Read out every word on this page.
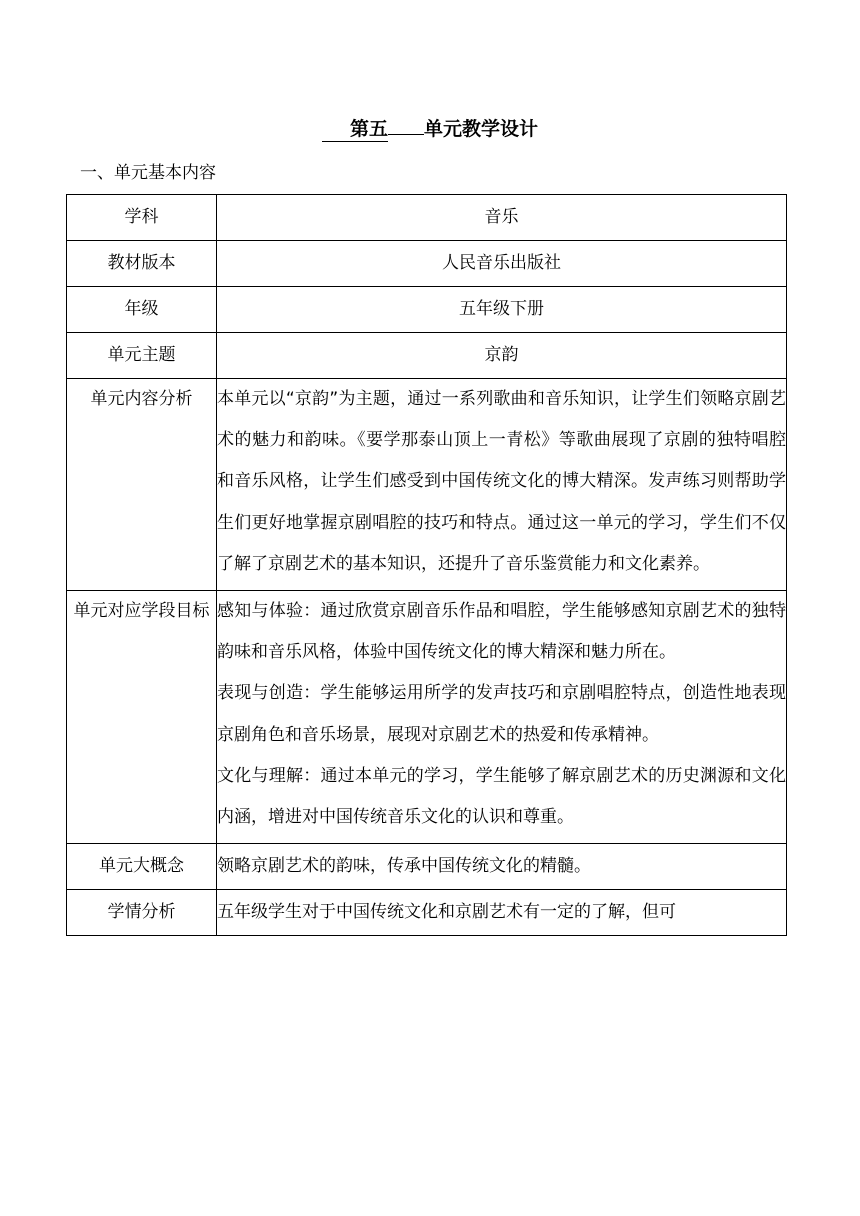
第五 单元教学设计
一、单元基本内容
学科	音乐

教材版本	人民音乐出版社

年级	五年级下册

单元主题	京韵

单元内容分析	本单元以“京韵”为主题，通过一系列歌曲和音乐知识，让学生们领略京剧艺术的魅力和韵味。《要学那泰山顶上一青松》等歌曲展现了京剧的独特唱腔和音乐风格，让学生们感受到中国传统文化的博大精深。发声练习则帮助学生们更好地掌握京剧唱腔的技巧和特点。通过这一单元的学习，学生们不仅了解了京剧艺术的基本知识，还提升了音乐鉴赏能力和文化素养。

单元对应学段目标	感知与体验：通过欣赏京剧音乐作品和唱腔，学生能够感知京剧艺术的独特韵味和音乐风格，体验中国传统文化的博大精深和魅力所在。
表现与创造：学生能够运用所学的发声技巧和京剧唱腔特点，创造性地表现京剧角色和音乐场景，展现对京剧艺术的热爱和传承精神。
文化与理解：通过本单元的学习，学生能够了解京剧艺术的历史渊源和文化内涵，增进对中国传统音乐文化的认识和尊重。

单元大概念	领略京剧艺术的韵味，传承中国传统文化的精髓。

学情分析	五年级学生对于中国传统文化和京剧艺术有一定的了解，但可
